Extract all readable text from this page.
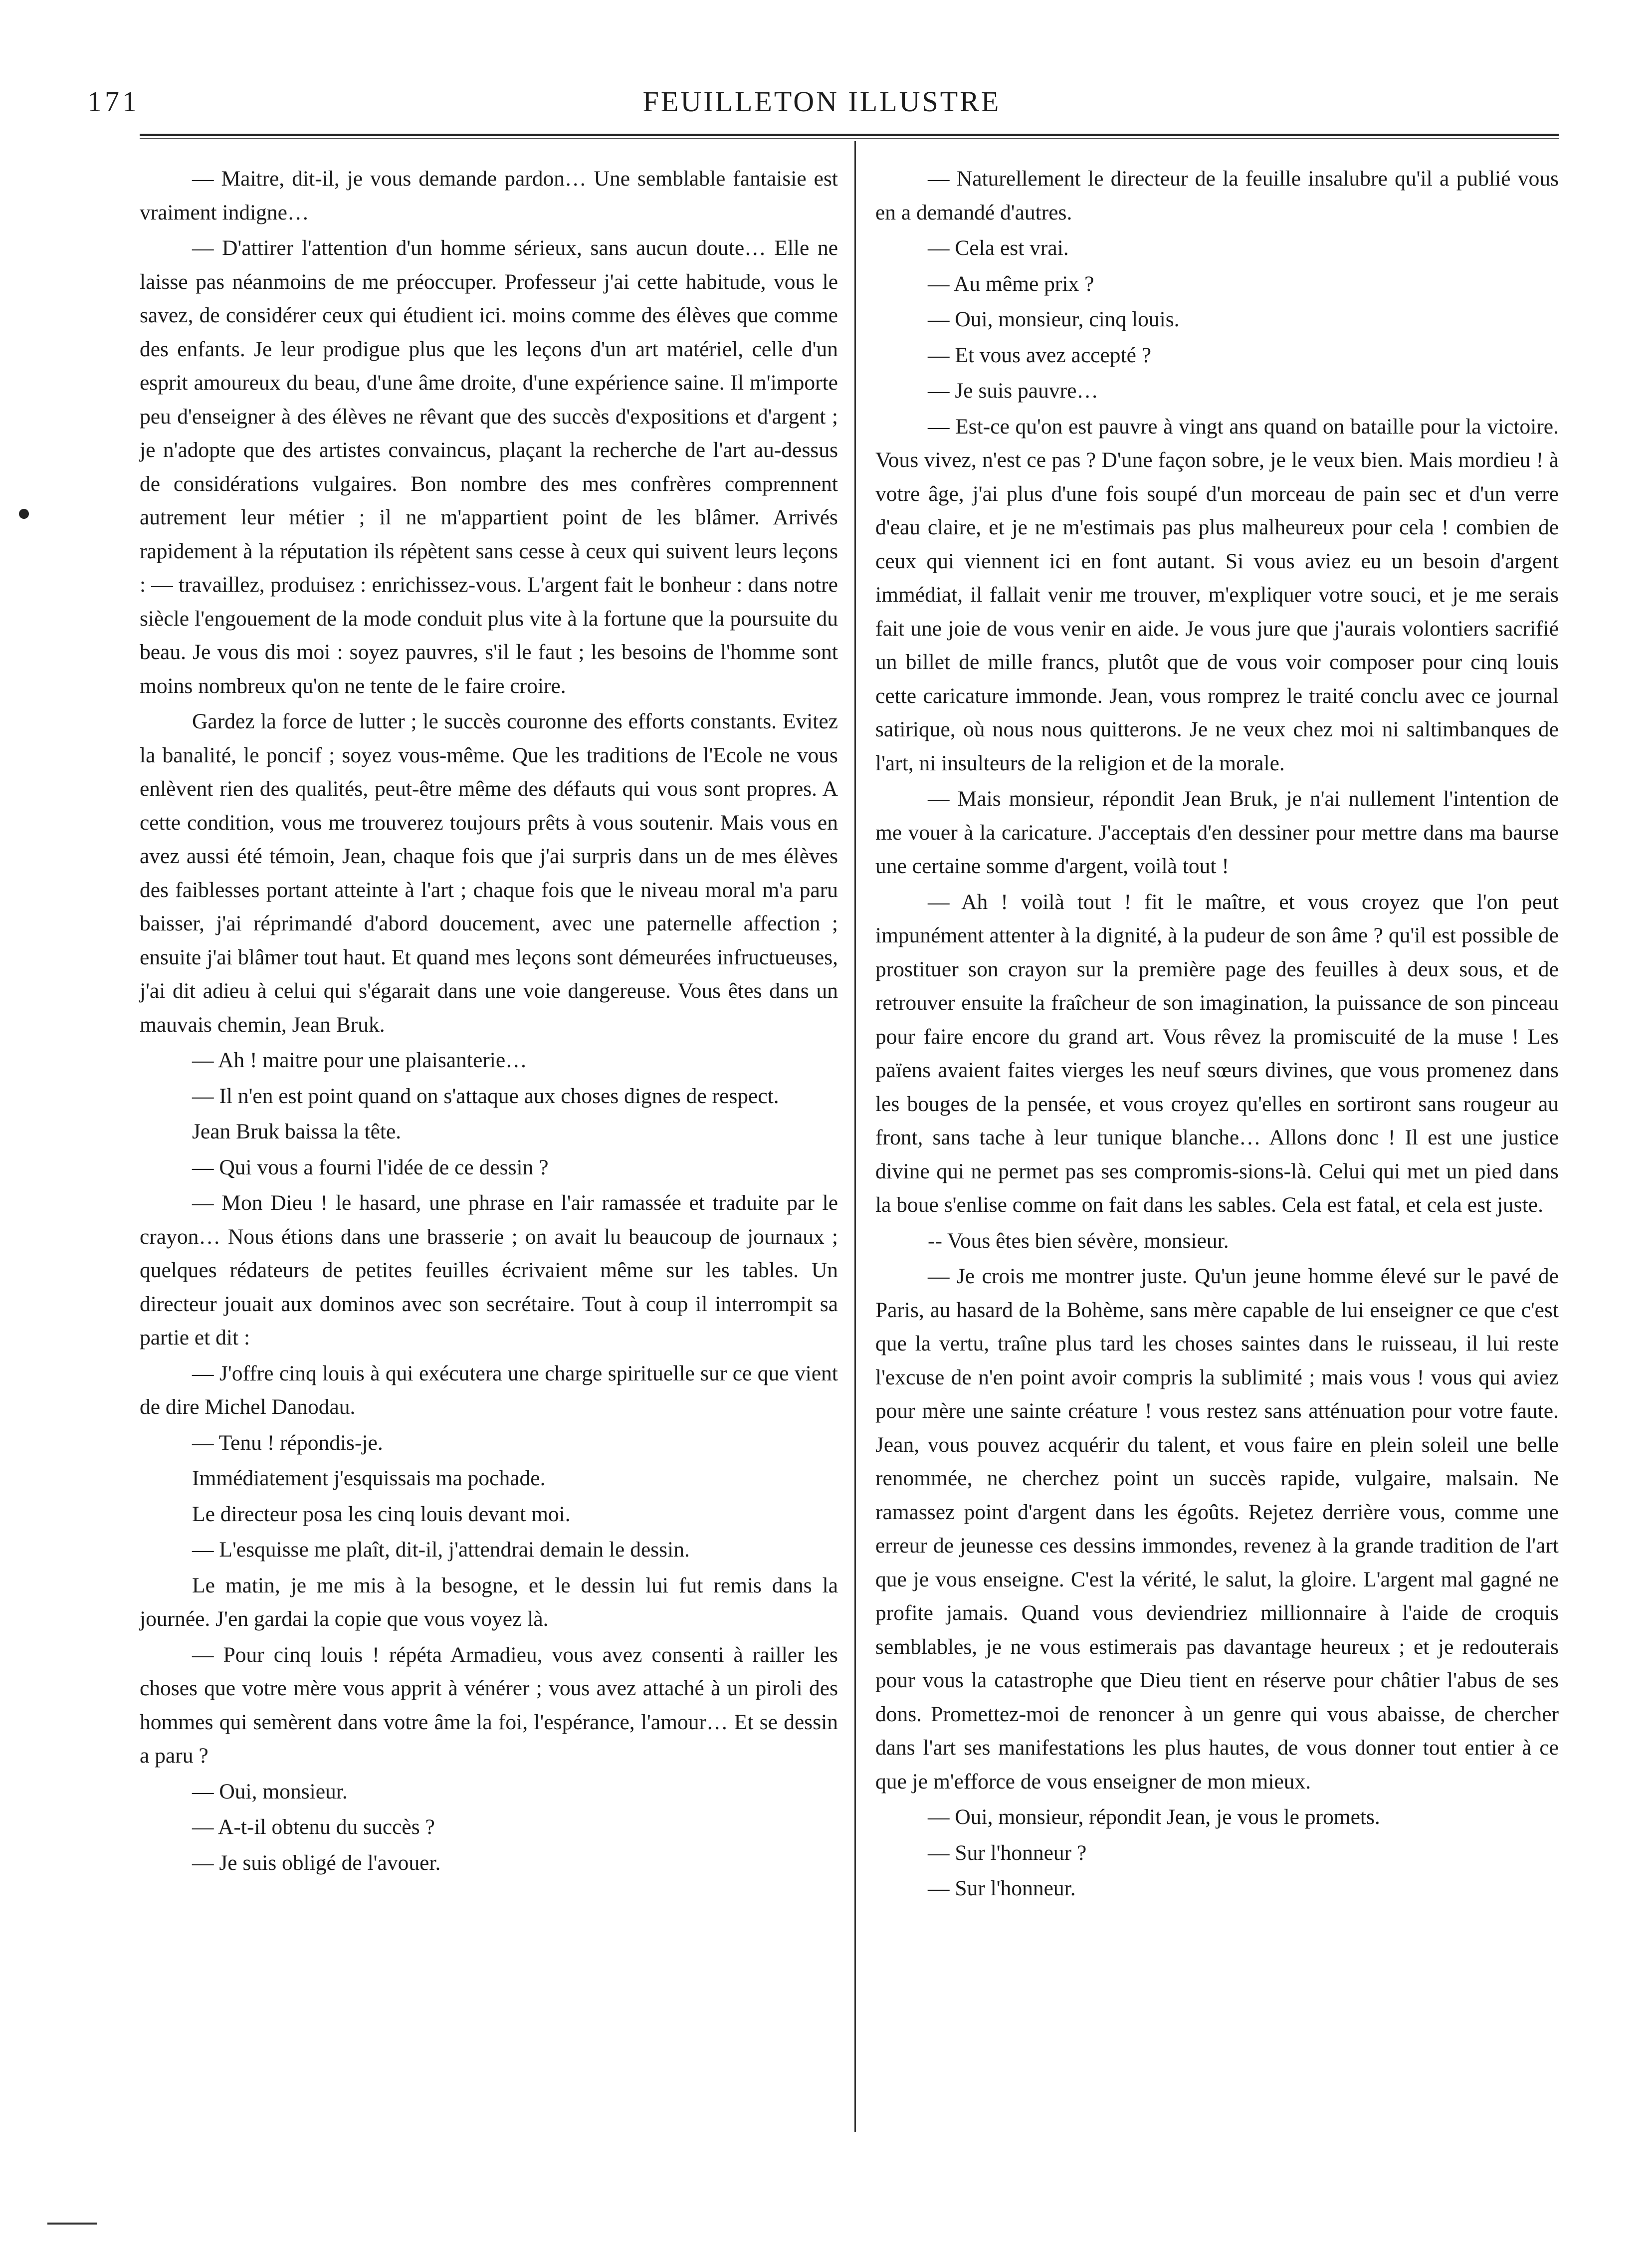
171	FEUILLETON ILLUSTRE

— Maitre, dit-il, je vous demande pardon… Une semblable fantaisie est vraiment indigne…

— D'attirer l'attention d'un homme sérieux, sans aucun doute… Elle ne laisse pas néanmoins de me préoccuper. Professeur j'ai cette habitude, vous le savez, de considérer ceux qui étudient ici. moins comme des élèves que comme des enfants. Je leur prodigue plus que les leçons d'un art matériel, celle d'un esprit amoureux du beau, d'une âme droite, d'une expérience saine. Il m'importe peu d'enseigner à des élèves ne rêvant que des succès d'expositions et d'argent ; je n'adopte que des artistes convaincus, plaçant la recherche de l'art au-dessus de considérations vulgaires. Bon nombre des mes confrères comprennent autrement leur métier ; il ne m'appartient point de les blâmer. Arrivés rapidement à la réputation ils répètent sans cesse à ceux qui suivent leurs leçons : — travaillez, produisez : enrichissez-vous. L'argent fait le bonheur : dans notre siècle l'engouement de la mode conduit plus vite à la fortune que la poursuite du beau. Je vous dis moi : soyez pauvres, s'il le faut ; les besoins de l'homme sont moins nombreux qu'on ne tente de le faire croire.

Gardez la force de lutter ; le succès couronne des efforts constants. Evitez la banalité, le poncif ; soyez vous-même. Que les traditions de l'Ecole ne vous enlèvent rien des qualités, peut-être même des défauts qui vous sont propres. A cette condition, vous me trouverez toujours prêts à vous soutenir. Mais vous en avez aussi été témoin, Jean, chaque fois que j'ai surpris dans un de mes élèves des faiblesses portant atteinte à l'art ; chaque fois que le niveau moral m'a paru baisser, j'ai réprimandé d'abord doucement, avec une paternelle affection ; ensuite j'ai blâmer tout haut. Et quand mes leçons sont démeurées infructueuses, j'ai dit adieu à celui qui s'égarait dans une voie dangereuse. Vous êtes dans un mauvais chemin, Jean Bruk.

— Ah ! maitre pour une plaisanterie…

— Il n'en est point quand on s'attaque aux choses dignes de respect.

Jean Bruk baissa la tête.

— Qui vous a fourni l'idée de ce dessin ?

— Mon Dieu ! le hasard, une phrase en l'air ramassée et traduite par le crayon… Nous étions dans une brasserie ; on avait lu beaucoup de journaux ; quelques rédateurs de petites feuilles écrivaient même sur les tables. Un directeur jouait aux dominos avec son secrétaire. Tout à coup il interrompit sa partie et dit :

— J'offre cinq louis à qui exécutera une charge spirituelle sur ce que vient de dire Michel Danodau.

— Tenu ! répondis-je.

Immédiatement j'esquissais ma pochade.

Le directeur posa les cinq louis devant moi.

— L'esquisse me plaît, dit-il, j'attendrai demain le dessin.

Le matin, je me mis à la besogne, et le dessin lui fut remis dans la journée. J'en gardai la copie que vous voyez là.

— Pour cinq louis ! répéta Armadieu, vous avez consenti à railler les choses que votre mère vous apprit à vénérer ; vous avez attaché à un piroli des hommes qui semèrent dans votre âme la foi, l'espérance, l'amour… Et se dessin a paru ?

— Oui, monsieur.

— A-t-il obtenu du succès ?

— Je suis obligé de l'avouer.

— Naturellement le directeur de la feuille insalubre qu'il a publié vous en a demandé d'autres.

— Cela est vrai.

— Au même prix ?

— Oui, monsieur, cinq louis.

— Et vous avez accepté ?

— Je suis pauvre…

— Est-ce qu'on est pauvre à vingt ans quand on bataille pour la victoire. Vous vivez, n'est ce pas ? D'une façon sobre, je le veux bien. Mais mordieu ! à votre âge, j'ai plus d'une fois soupé d'un morceau de pain sec et d'un verre d'eau claire, et je ne m'estimais pas plus malheureux pour cela ! combien de ceux qui viennent ici en font autant. Si vous aviez eu un besoin d'argent immédiat, il fallait venir me trouver, m'expliquer votre souci, et je me serais fait une joie de vous venir en aide. Je vous jure que j'aurais volontiers sacrifié un billet de mille francs, plutôt que de vous voir composer pour cinq louis cette caricature immonde. Jean, vous romprez le traité conclu avec ce journal satirique, où nous nous quitterons. Je ne veux chez moi ni saltimbanques de l'art, ni insulteurs de la religion et de la morale.

— Mais monsieur, répondit Jean Bruk, je n'ai nullement l'intention de me vouer à la caricature. J'acceptais d'en dessiner pour mettre dans ma baurse une certaine somme d'argent, voilà tout !

— Ah ! voilà tout ! fit le maître, et vous croyez que l'on peut impunément attenter à la dignité, à la pudeur de son âme ? qu'il est possible de prostituer son crayon sur la première page des feuilles à deux sous, et de retrouver ensuite la fraîcheur de son imagination, la puissance de son pinceau pour faire encore du grand art. Vous rêvez la promiscuité de la muse ! Les païens avaient faites vierges les neuf sœurs divines, que vous promenez dans les bouges de la pensée, et vous croyez qu'elles en sortiront sans rougeur au front, sans tache à leur tunique blanche… Allons donc ! Il est une justice divine qui ne permet pas ses compromis-sions-là. Celui qui met un pied dans la boue s'enlise comme on fait dans les sables. Cela est fatal, et cela est juste.

-- Vous êtes bien sévère, monsieur.

— Je crois me montrer juste. Qu'un jeune homme élevé sur le pavé de Paris, au hasard de la Bohème, sans mère capable de lui enseigner ce que c'est que la vertu, traîne plus tard les choses saintes dans le ruisseau, il lui reste l'excuse de n'en point avoir compris la sublimité ; mais vous ! vous qui aviez pour mère une sainte créature ! vous restez sans atténuation pour votre faute. Jean, vous pouvez acquérir du talent, et vous faire en plein soleil une belle renommée, ne cherchez point un succès rapide, vulgaire, malsain. Ne ramassez point d'argent dans les égoûts. Rejetez derrière vous, comme une erreur de jeunesse ces dessins immondes, revenez à la grande tradition de l'art que je vous enseigne. C'est la vérité, le salut, la gloire. L'argent mal gagné ne profite jamais. Quand vous deviendriez millionnaire à l'aide de croquis semblables, je ne vous estimerais pas davantage heureux ; et je redouterais pour vous la catastrophe que Dieu tient en réserve pour châtier l'abus de ses dons. Promettez-moi de renoncer à un genre qui vous abaisse, de chercher dans l'art ses manifestations les plus hautes, de vous donner tout entier à ce que je m'efforce de vous enseigner de mon mieux.

— Oui, monsieur, répondit Jean, je vous le promets.

— Sur l'honneur ?

— Sur l'honneur.
